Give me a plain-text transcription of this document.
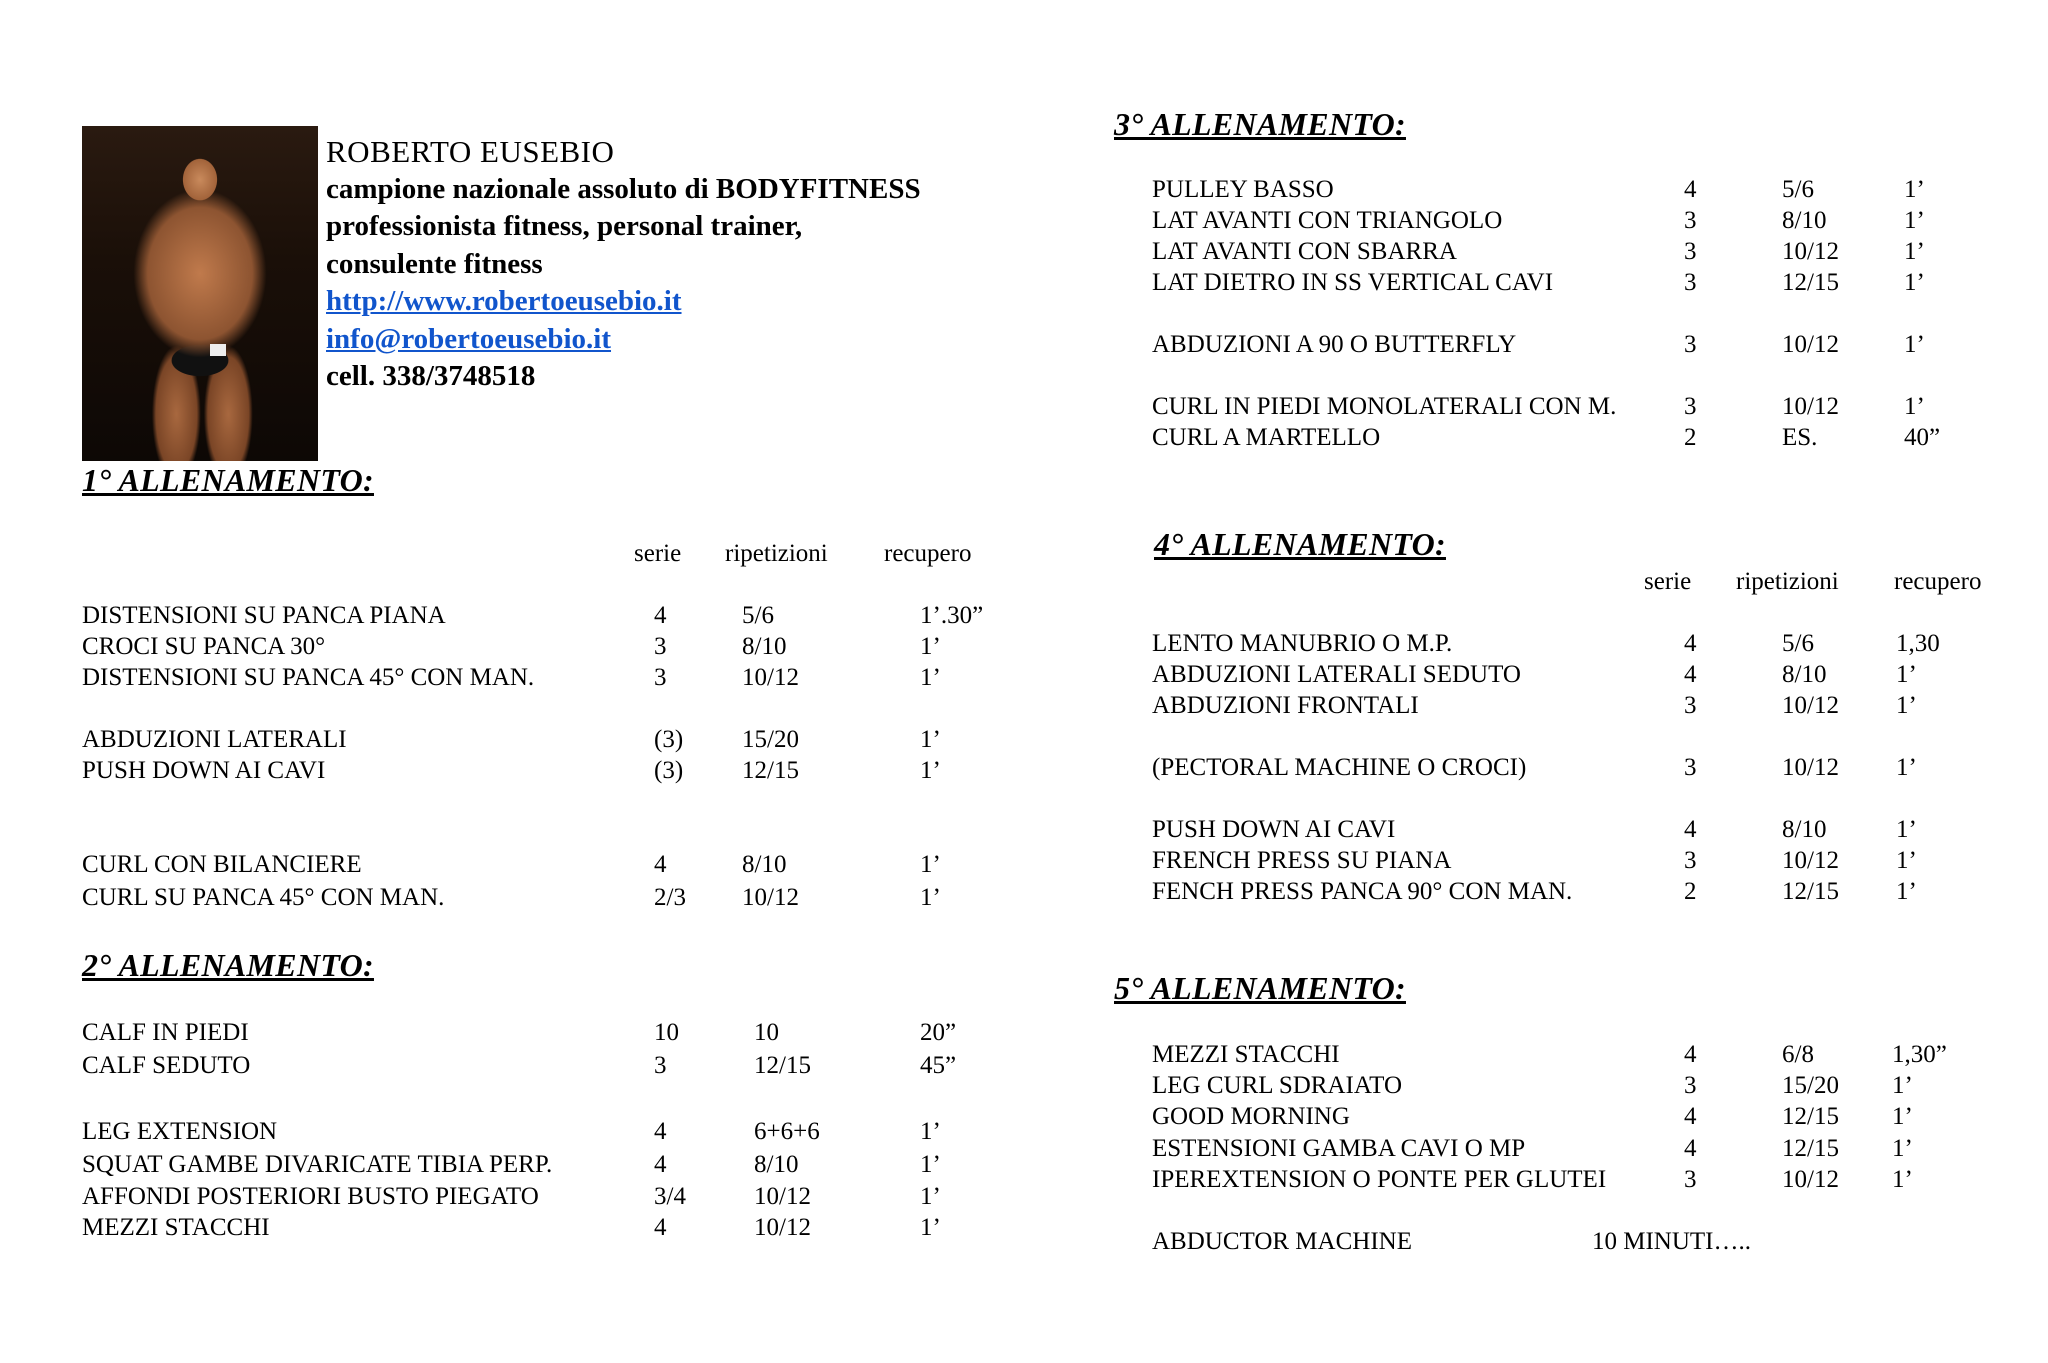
ROBERTO EUSEBIO
campione nazionale assoluto di BODYFITNESS
professionista fitness, personal trainer,
consulente fitness
http://www.robertoeusebio.it
info@robertoeusebio.it
cell. 338/3748518
1° ALLENAMENTO:
serie ripetizioni recupero
DISTENSIONI SU PANCA PIANA	4	5/6	1’.30”
CROCI SU PANCA 30°	3	8/10	1’
DISTENSIONI SU PANCA 45° CON MAN.	3	10/12	1’
ABDUZIONI LATERALI	(3) 15/20	1’
PUSH DOWN AI CAVI	(3) 12/15	1’
CURL CON BILANCIERE	4	8/10	1’
CURL SU PANCA 45° CON MAN.	2/3 10/12	1’
2° ALLENAMENTO:
CALF IN PIEDI	10	10	20”
CALF SEDUTO	3	12/15	45”
LEG EXTENSION	4	6+6+6	1’
SQUAT GAMBE DIVARICATE TIBIA PERP.	4	8/10	1’
AFFONDI POSTERIORI BUSTO PIEGATO	3/4	10/12	1’
MEZZI STACCHI	4	10/12	1’
3° ALLENAMENTO:
PULLEY BASSO	4	5/6	1’
LAT AVANTI CON TRIANGOLO	3	8/10	1’
LAT AVANTI CON SBARRA	3	10/12	1’
LAT DIETRO IN SS VERTICAL CAVI	3	12/15	1’
ABDUZIONI A 90 O BUTTERFLY	3	10/12	1’
CURL IN PIEDI MONOLATERALI CON M.	3	10/12	1’
CURL A MARTELLO	2	ES.	40”
4° ALLENAMENTO:
serie ripetizioni recupero
LENTO MANUBRIO O M.P.	4	5/6	1,30
ABDUZIONI LATERALI SEDUTO	4	8/10	1’
ABDUZIONI FRONTALI	3	10/12 1’
(PECTORAL MACHINE O CROCI)	3	10/12 1’
PUSH DOWN AI CAVI	4	8/10	1’
FRENCH PRESS SU PIANA	3	10/12 1’
FENCH PRESS PANCA 90° CON MAN.	2	12/15 1’
5° ALLENAMENTO:
MEZZI STACCHI	4	6/8	1,30”
LEG CURL SDRAIATO	3	15/20 1’
GOOD MORNING	4	12/15 1’
ESTENSIONI GAMBA CAVI O MP	4	12/15 1’
IPEREXTENSION O PONTE PER GLUTEI	3	10/12 1’
ABDUCTOR MACHINE	10 MINUTI…..
